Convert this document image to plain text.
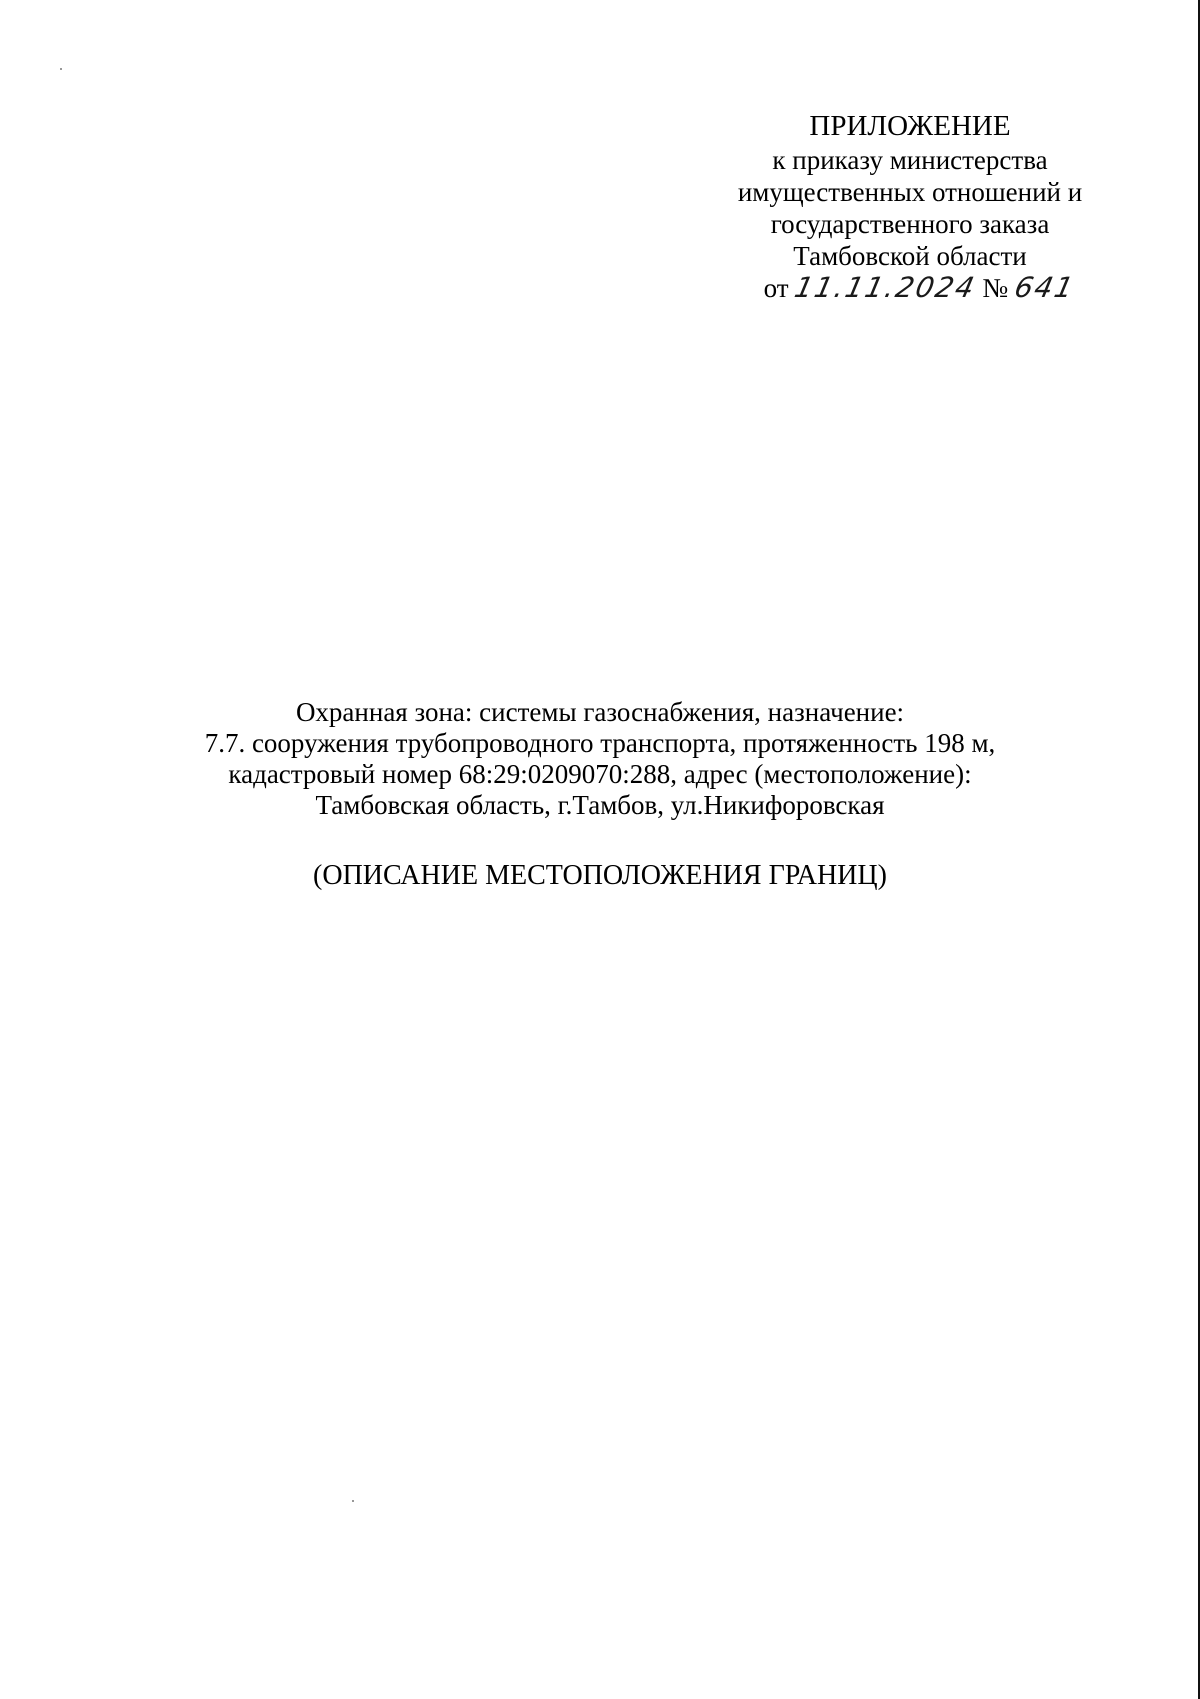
ПРИЛОЖЕНИЕ
к приказу министерства
имущественных отношений и
государственного заказа
Тамбовской области
от 11.11.2024 № 641
Охранная зона: системы газоснабжения, назначение:
7.7. сооружения трубопроводного транспорта, протяженность 198 м,
кадастровый номер 68:29:0209070:288, адрес (местоположение):
Тамбовская область, г.Тамбов, ул.Никифоровская
(ОПИСАНИЕ МЕСТОПОЛОЖЕНИЯ ГРАНИЦ)
